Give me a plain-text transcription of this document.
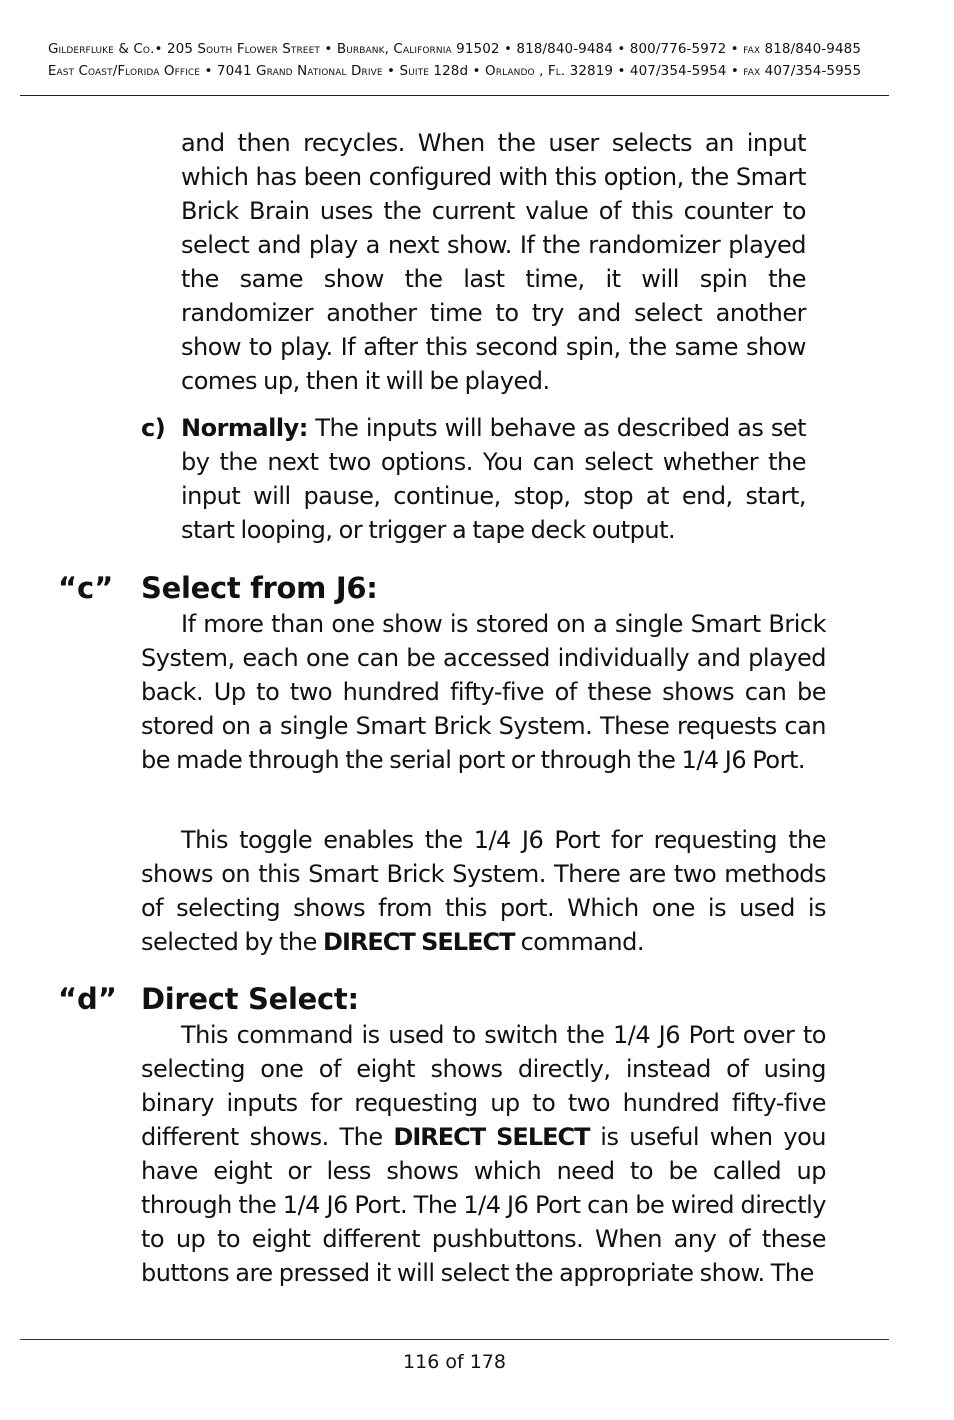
Gilderfluke & Co.• 205 South Flower Street • Burbank, California 91502 • 818/840-9484 • 800/776-5972 • fax 818/840-9485
East Coast/Florida Office • 7041 Grand National Drive • Suite 128d • Orlando , Fl. 32819 • 407/354-5954 • fax 407/354-5955
and then recycles. When the user selects an input which has been configured with this option, the Smart Brick Brain uses the current value of this counter to select and play a next show. If the randomizer played the same show the last time, it will spin the randomizer another time to try and select another show to play. If after this second spin, the same show comes up, then it will be played.
c) Normally: The inputs will behave as described as set by the next two options. You can select whether the input will pause, continue, stop, stop at end, start, start looping, or trigger a tape deck output.
“c” Select from J6:
If more than one show is stored on a single Smart Brick System, each one can be accessed individually and played back. Up to two hundred fifty-five of these shows can be stored on a single Smart Brick System. These requests can be made through the serial port or through the 1/4 J6 Port.
This toggle enables the 1/4 J6 Port for requesting the shows on this Smart Brick System. There are two methods of selecting shows from this port. Which one is used is selected by the DIRECT SELECT command.
“d” Direct Select:
This command is used to switch the 1/4 J6 Port over to selecting one of eight shows directly, instead of using binary inputs for requesting up to two hundred fifty-five different shows. The DIRECT SELECT is useful when you have eight or less shows which need to be called up through the 1/4 J6 Port. The 1/4 J6 Port can be wired directly to up to eight different pushbuttons. When any of these buttons are pressed it will select the appropriate show. The
116 of 178
